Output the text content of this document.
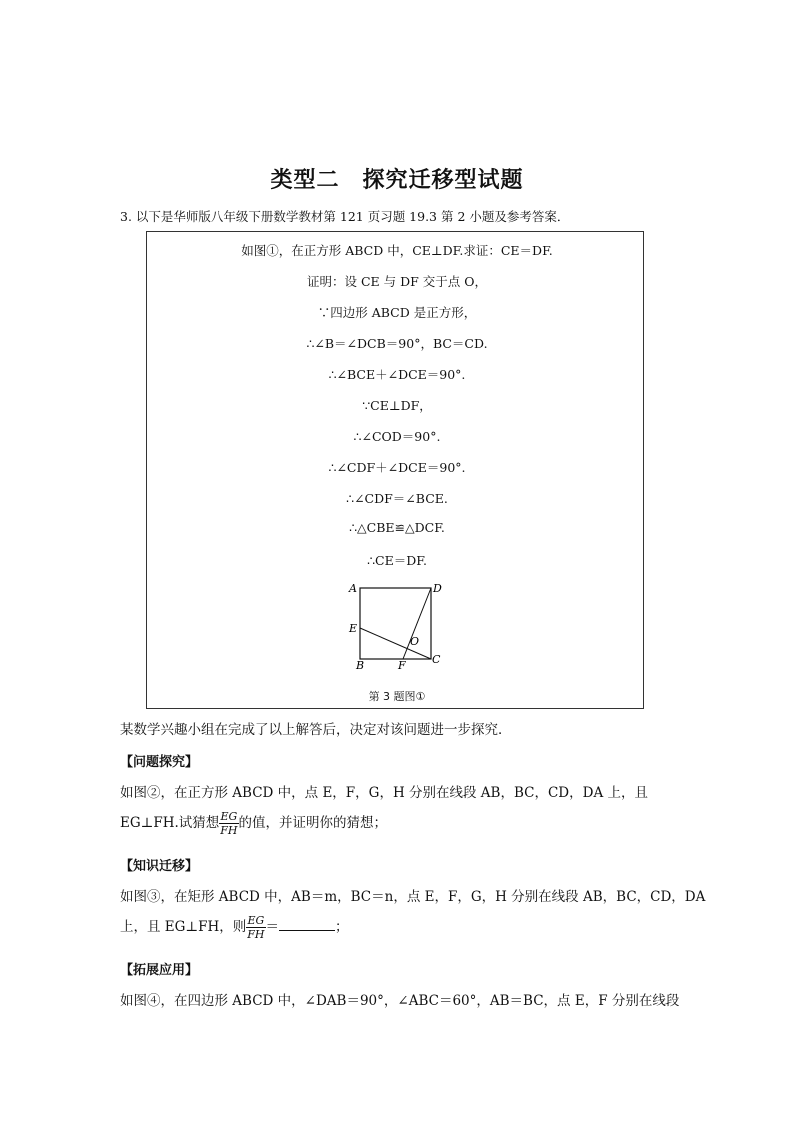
类型二　探究迁移型试题
3. 以下是华师版八年级下册数学教材第 121 页习题 19.3 第 2 小题及参考答案．
如图①，在正方形 ABCD 中，CE⊥DF.求证：CE＝DF.
证明：设 CE 与 DF 交于点 O，
∵四边形 ABCD 是正方形，
∴∠B＝∠DCB＝90°，BC＝CD.
∴∠BCE＋∠DCE＝90°.
∵CE⊥DF，
∴∠COD＝90°.
∴∠CDF＋∠DCE＝90°.
∴∠CDF＝∠BCE.
∴△CBE≌△DCF.
∴CE＝DF.
A	D
E
O
B	F C
第 3 题图①
某数学兴趣小组在完成了以上解答后，决定对该问题进一步探究．
【问题探究】
如图②，在正方形 ABCD 中，点 E，F，G，H 分别在线段 AB，BC，CD，DA 上，且
EG⊥FH.试猜想 $\frac{EG}{FH}$ 的值，并证明你的猜想；
【知识迁移】
如图③，在矩形 ABCD 中，AB＝m，BC＝n，点 E，F，G，H 分别在线段 AB，BC，CD，DA
上，且 EG⊥FH，则 $\frac{EG}{FH}$ ＝	；
【拓展应用】
如图④，在四边形 ABCD 中，∠DAB＝90°，∠ABC＝60°，AB＝BC，点 E，F 分别在线段
